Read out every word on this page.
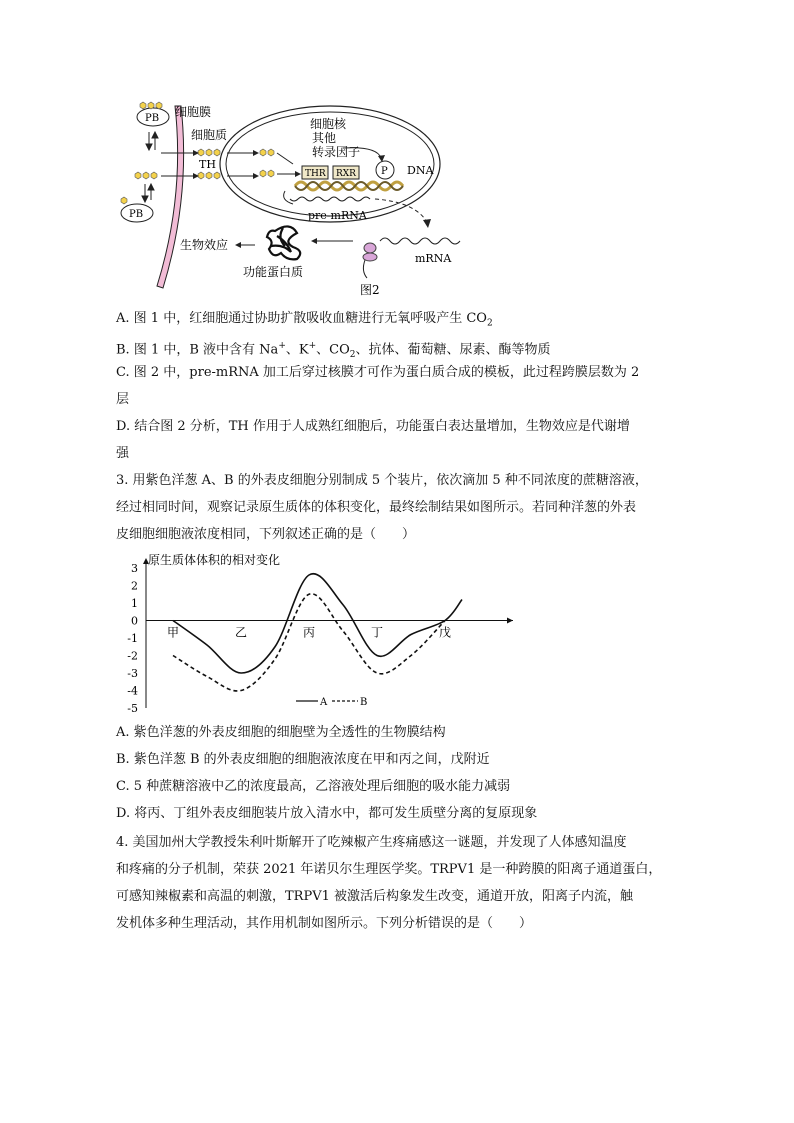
PB 细胞膜
细胞质
TH
PB
细胞核
其他
转录因子
THR RXR	P DNA
pre-mRNA
mRNA
生物效应
功能蛋白质
图2
A. 图 1 中，红细胞通过协助扩散吸收血糖进行无氧呼吸产生 $CO_2$
B. 图 1 中，B 液中含有 Na+、K+、$CO_2$、抗体、葡萄糖、尿素、酶等物质
C. 图 2 中，pre-mRNA 加工后穿过核膜才可作为蛋白质合成的模板，此过程跨膜层数为 2
层
D. 结合图 2 分析，TH 作用于人成熟红细胞后，功能蛋白表达量增加，生物效应是代谢增
强
3. 用紫色洋葱 A、B 的外表皮细胞分别制成 5 个装片，依次滴加 5 种不同浓度的蔗糖溶液，
经过相同时间，观察记录原生质体的体积变化，最终绘制结果如图所示。若同种洋葱的外表
皮细胞细胞液浓度相同，下列叙述正确的是（　　）
原生质体体积的相对变化
3
2
1
0
-1
-2
-3
-4
-5
甲	乙	丙	丁	戊
A	B
A. 紫色洋葱的外表皮细胞的细胞壁为全透性的生物膜结构
B. 紫色洋葱 B 的外表皮细胞的细胞液浓度在甲和丙之间，戊附近
C. 5 种蔗糖溶液中乙的浓度最高，乙溶液处理后细胞的吸水能力减弱
D. 将丙、丁组外表皮细胞装片放入清水中，都可发生质壁分离的复原现象
4. 美国加州大学教授朱利叶斯解开了吃辣椒产生疼痛感这一谜题，并发现了人体感知温度
和疼痛的分子机制，荣获 2021 年诺贝尔生理医学奖。TRPV1 是一种跨膜的阳离子通道蛋白，
可感知辣椒素和高温的刺激，TRPV1 被激活后构象发生改变，通道开放，阳离子内流，触
发机体多种生理活动，其作用机制如图所示。下列分析错误的是（　　）
